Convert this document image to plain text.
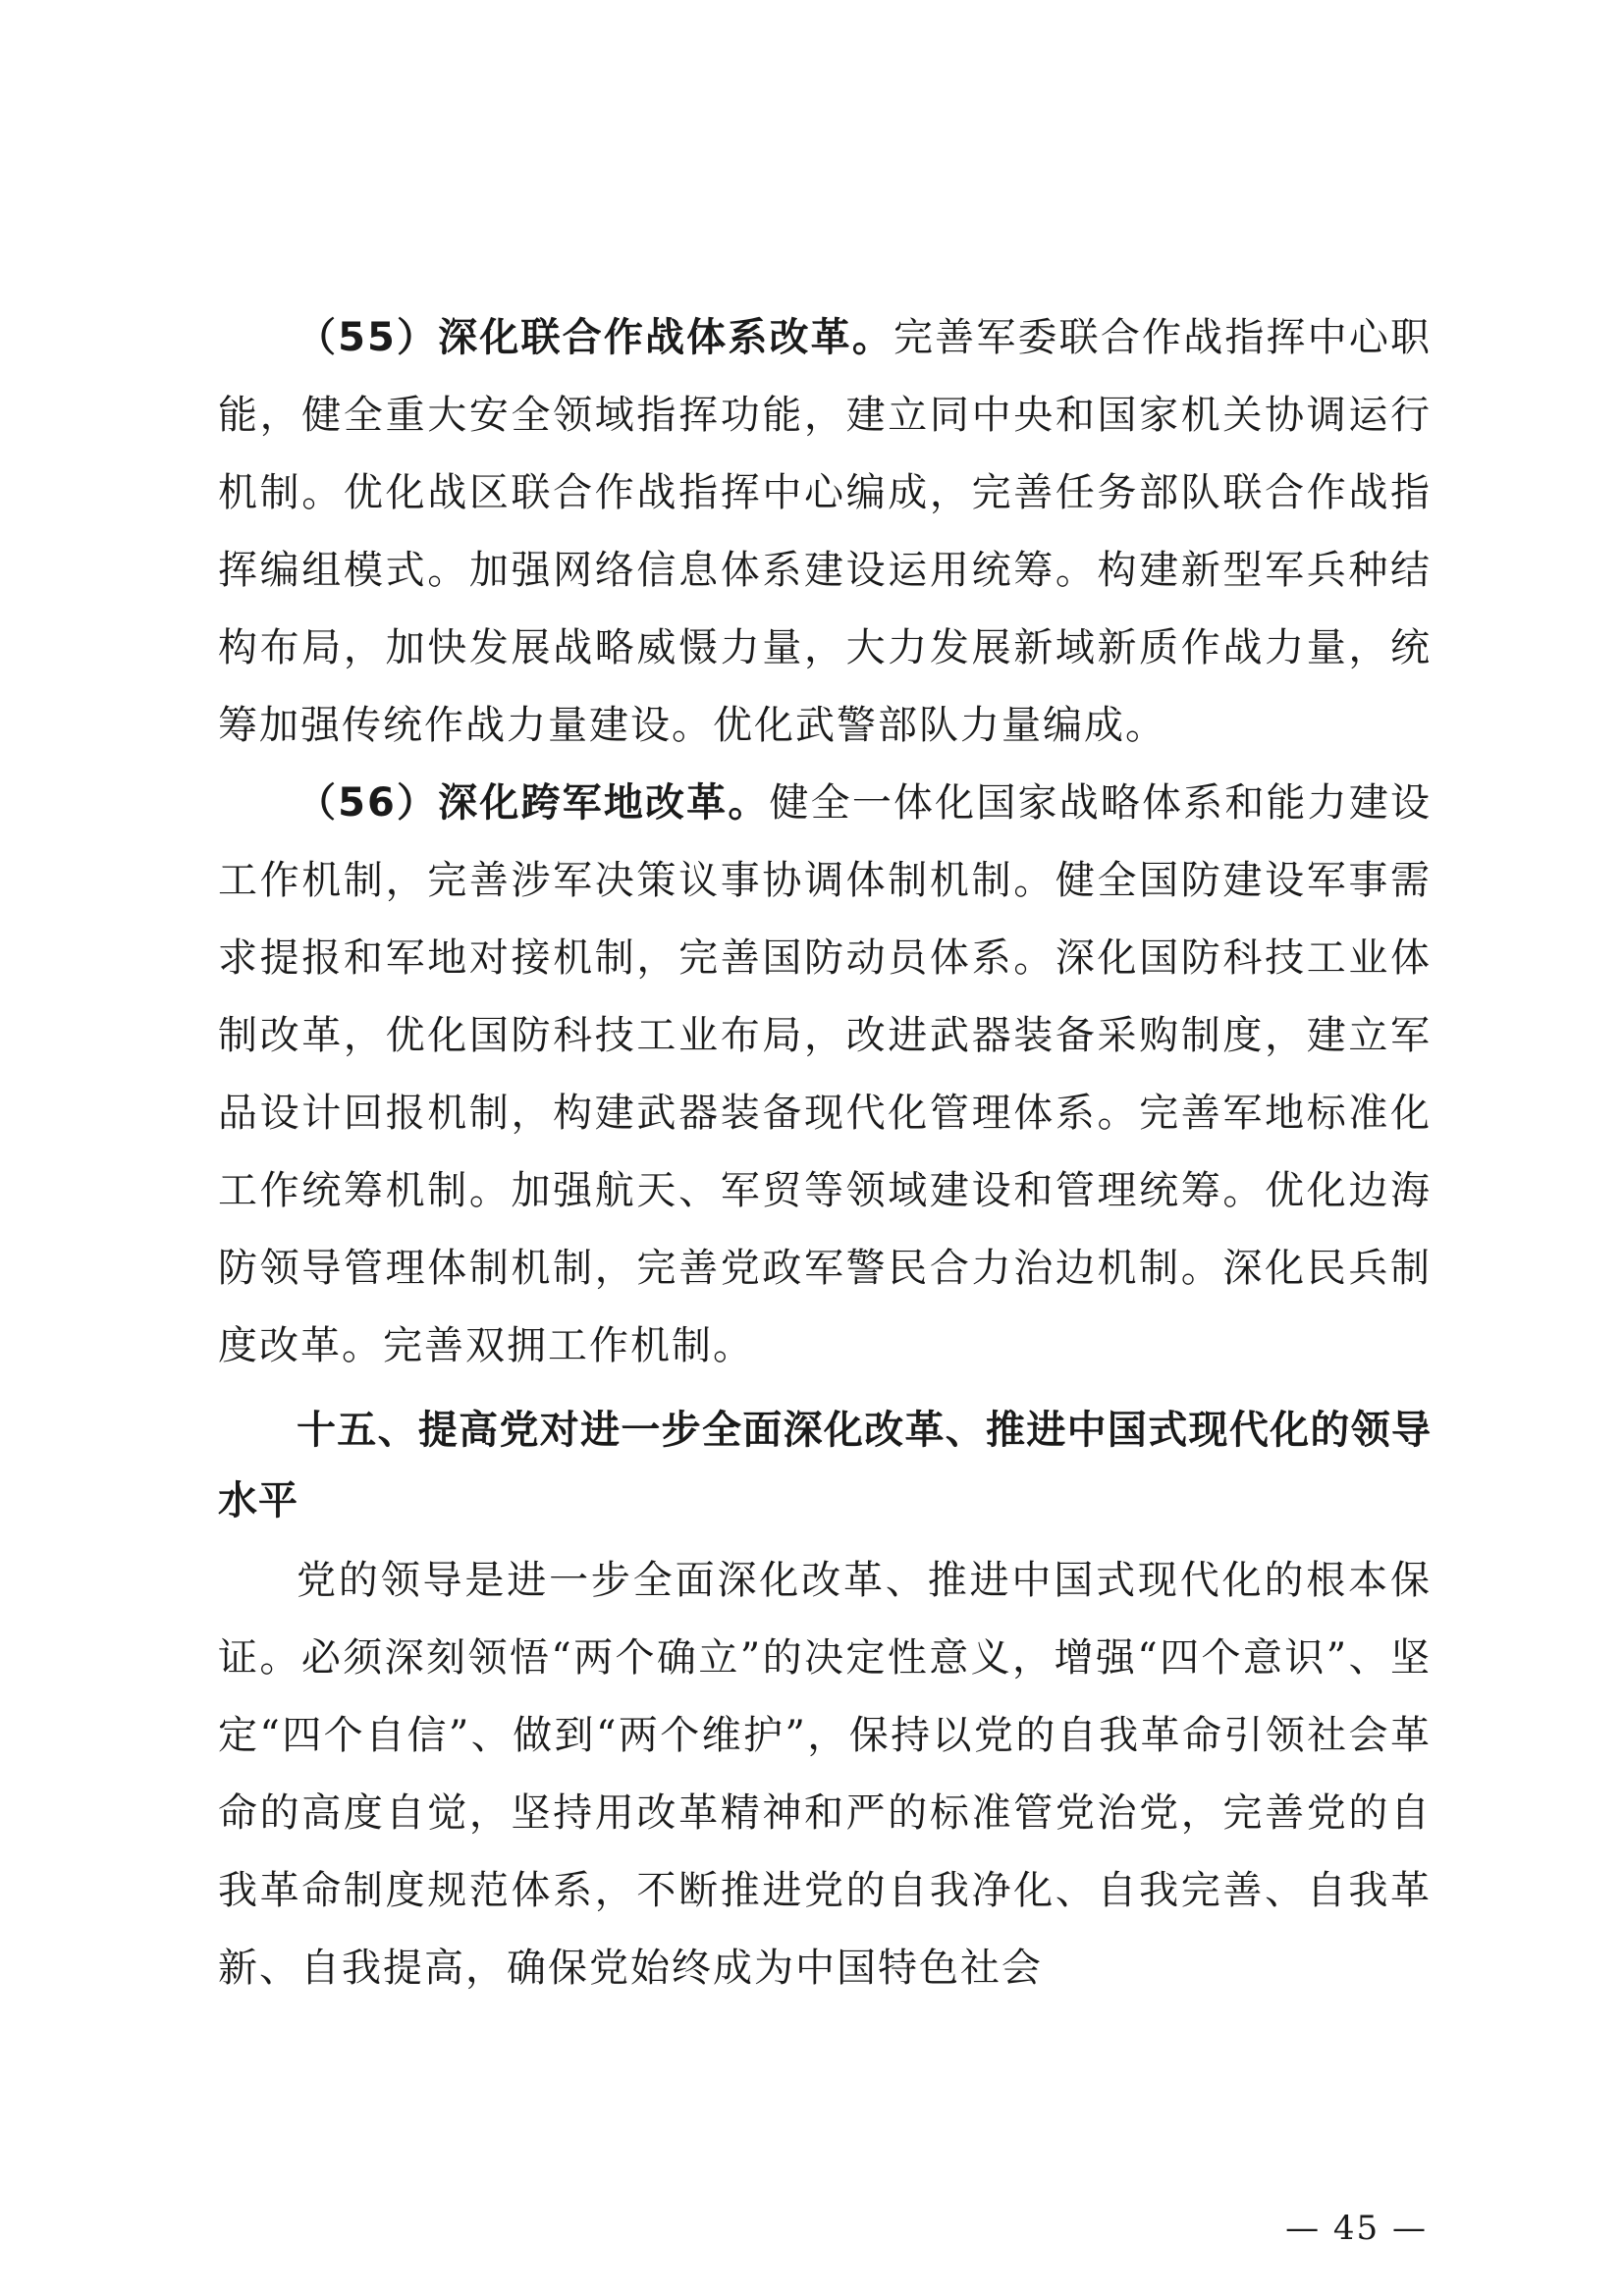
（55）深化联合作战体系改革。完善军委联合作战指挥中心职能，健全重大安全领域指挥功能，建立同中央和国家机关协调运行机制。优化战区联合作战指挥中心编成，完善任务部队联合作战指挥编组模式。加强网络信息体系建设运用统筹。构建新型军兵种结构布局，加快发展战略威慑力量，大力发展新域新质作战力量，统筹加强传统作战力量建设。优化武警部队力量编成。

（56）深化跨军地改革。健全一体化国家战略体系和能力建设工作机制，完善涉军决策议事协调体制机制。健全国防建设军事需求提报和军地对接机制，完善国防动员体系。深化国防科技工业体制改革，优化国防科技工业布局，改进武器装备采购制度，建立军品设计回报机制，构建武器装备现代化管理体系。完善军地标准化工作统筹机制。加强航天、军贸等领域建设和管理统筹。优化边海防领导管理体制机制，完善党政军警民合力治边机制。深化民兵制度改革。完善双拥工作机制。

十五、提高党对进一步全面深化改革、推进中国式现代化的领导水平

党的领导是进一步全面深化改革、推进中国式现代化的根本保证。必须深刻领悟“两个确立”的决定性意义，增强“四个意识”、坚定“四个自信”、做到“两个维护”，保持以党的自我革命引领社会革命的高度自觉，坚持用改革精神和严的标准管党治党，完善党的自我革命制度规范体系，不断推进党的自我净化、自我完善、自我革新、自我提高，确保党始终成为中国特色社会

— 45 —
